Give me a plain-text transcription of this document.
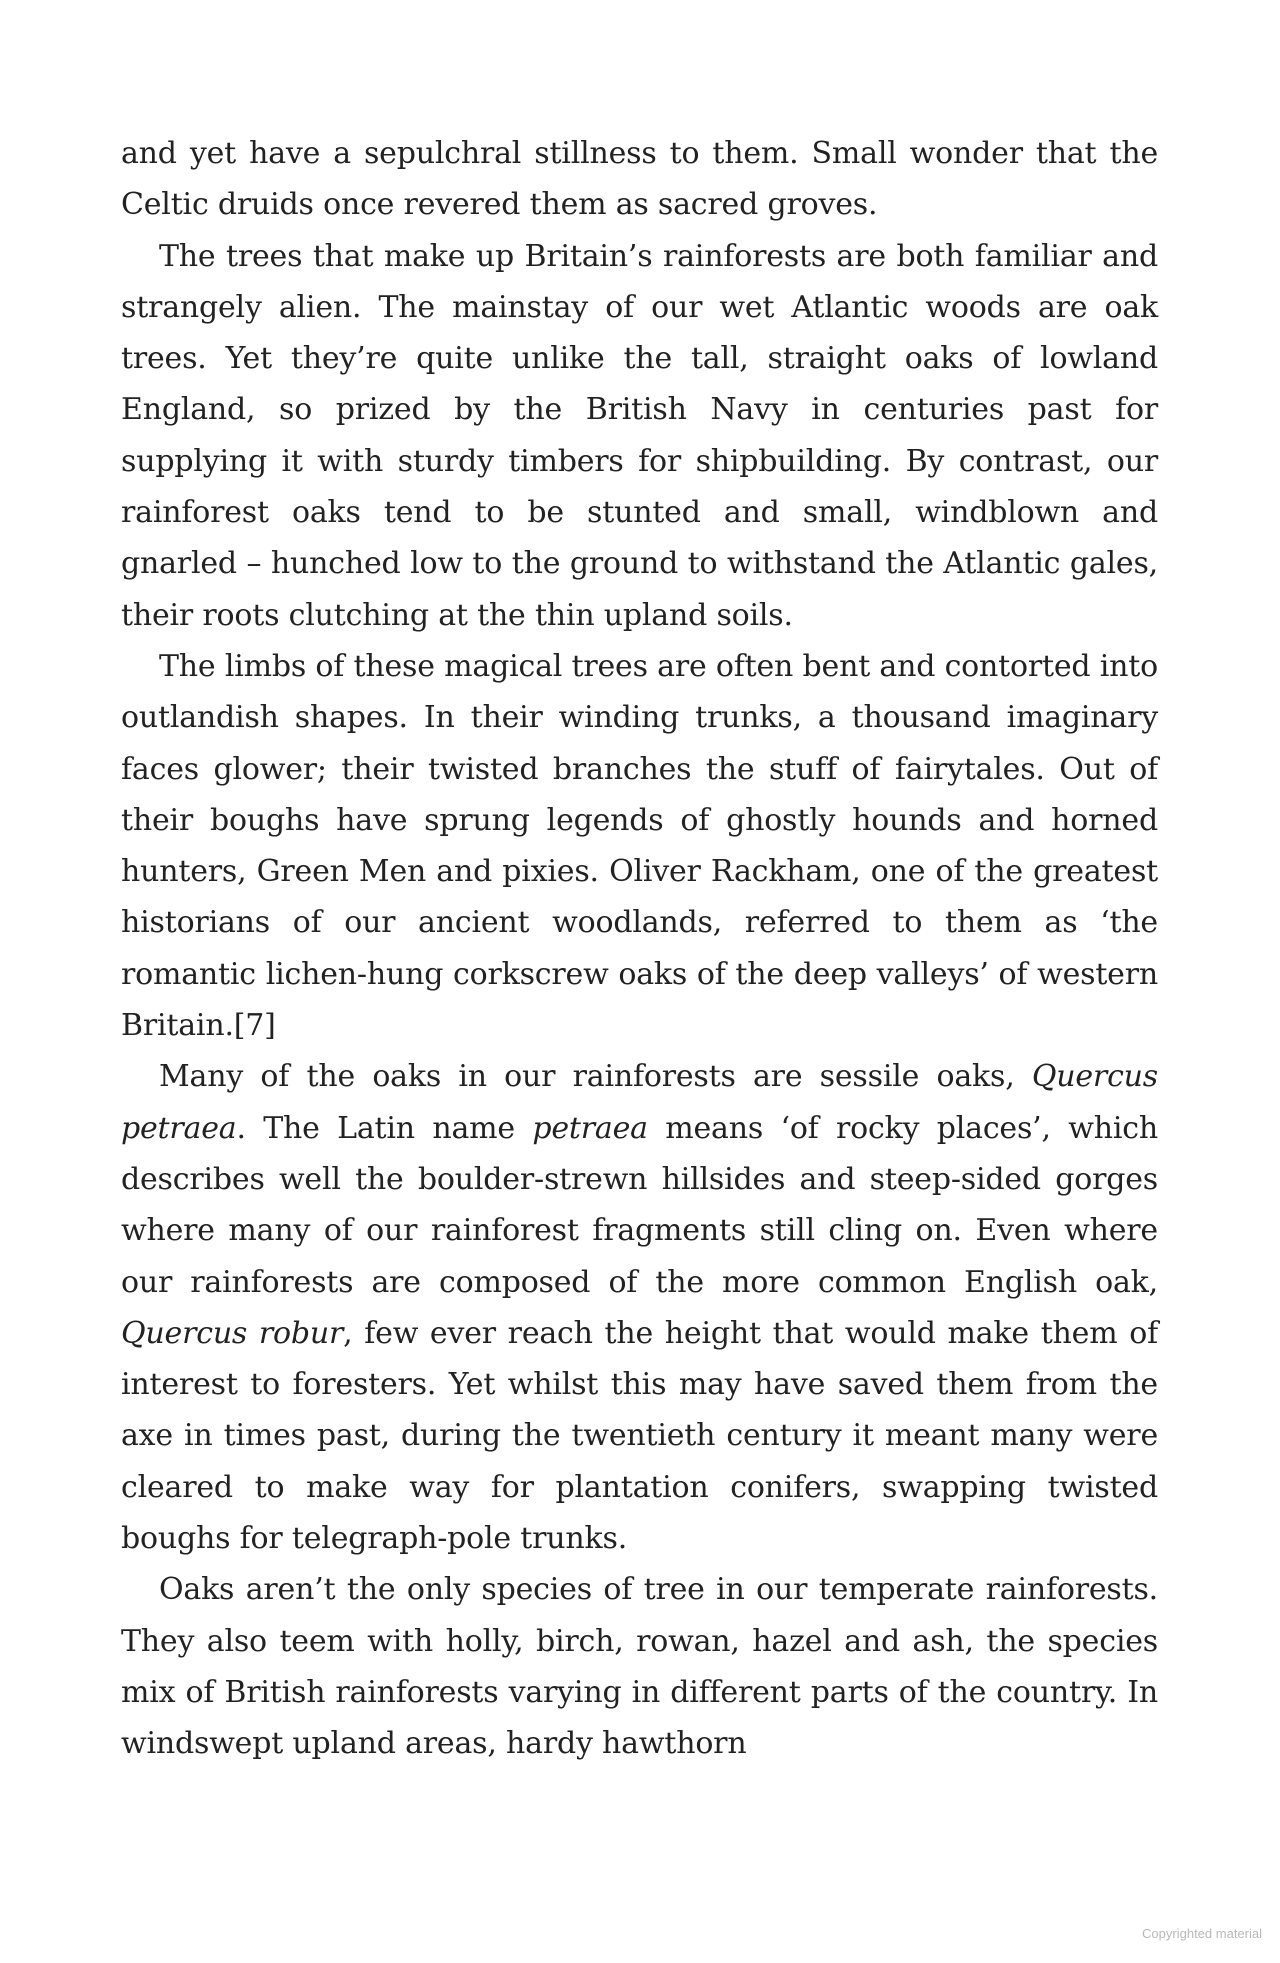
and yet have a sepulchral stillness to them. Small wonder that the Celtic druids once revered them as sacred groves.

The trees that make up Britain’s rainforests are both familiar and strangely alien. The mainstay of our wet Atlantic woods are oak trees. Yet they’re quite unlike the tall, straight oaks of lowland England, so prized by the British Navy in centuries past for supplying it with sturdy timbers for shipbuilding. By contrast, our rainforest oaks tend to be stunted and small, windblown and gnarled – hunched low to the ground to withstand the Atlantic gales, their roots clutching at the thin upland soils.

The limbs of these magical trees are often bent and contorted into outlandish shapes. In their winding trunks, a thousand imaginary faces glower; their twisted branches the stuff of fairytales. Out of their boughs have sprung legends of ghostly hounds and horned hunters, Green Men and pixies. Oliver Rackham, one of the greatest historians of our ancient woodlands, referred to them as ‘the romantic lichen-hung corkscrew oaks of the deep valleys’ of western Britain.[7]

Many of the oaks in our rainforests are sessile oaks, Quercus petraea. The Latin name petraea means ‘of rocky places’, which describes well the boulder-strewn hillsides and steep-sided gorges where many of our rainforest fragments still cling on. Even where our rainforests are composed of the more common English oak, Quercus robur, few ever reach the height that would make them of interest to foresters. Yet whilst this may have saved them from the axe in times past, during the twentieth century it meant many were cleared to make way for plantation conifers, swapping twisted boughs for telegraph-pole trunks.

Oaks aren’t the only species of tree in our temperate rainforests. They also teem with holly, birch, rowan, hazel and ash, the species mix of British rainforests varying in different parts of the country. In windswept upland areas, hardy hawthorn

Copyrighted material
